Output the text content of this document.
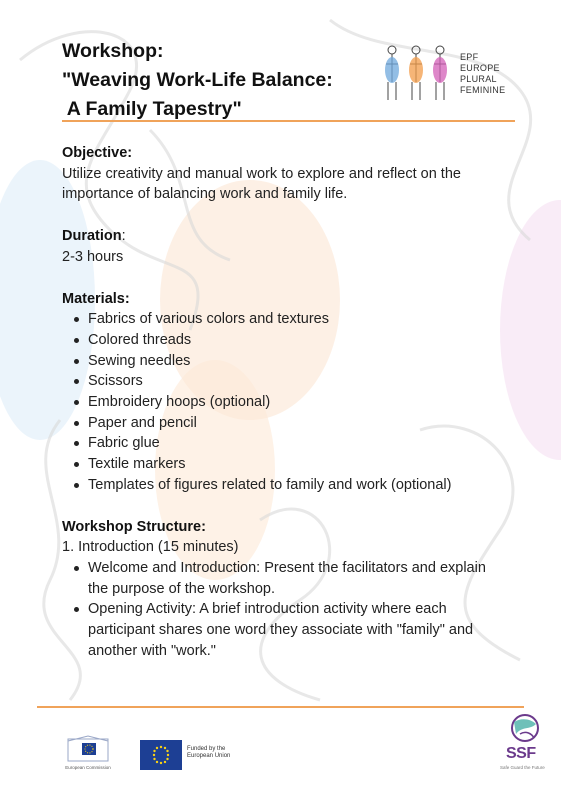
Workshop:
"Weaving Work-Life Balance:
A Family Tapestry"
EPF
EUROPE
PLURAL
FEMININE
Objective:

Utilize creativity and manual work to explore and reflect on the importance of balancing work and family life.

Duration:
2-3 hours
Materials:
Fabrics of various colors and textures
Colored threads
Sewing needles
Scissors
Embroidery hoops (optional)
Paper and pencil
Fabric glue
Textile markers
Templates of figures related to family and work (optional)
Workshop Structure:
1. Introduction (15 minutes)
Welcome and Introduction: Present the facilitators and explain the purpose of the workshop.
Opening Activity: A brief introduction activity where each participant shares one word they associate with "family" and another with "work."
European Commission
Funded by the
European Union	SSF
Safe Guard the Future
